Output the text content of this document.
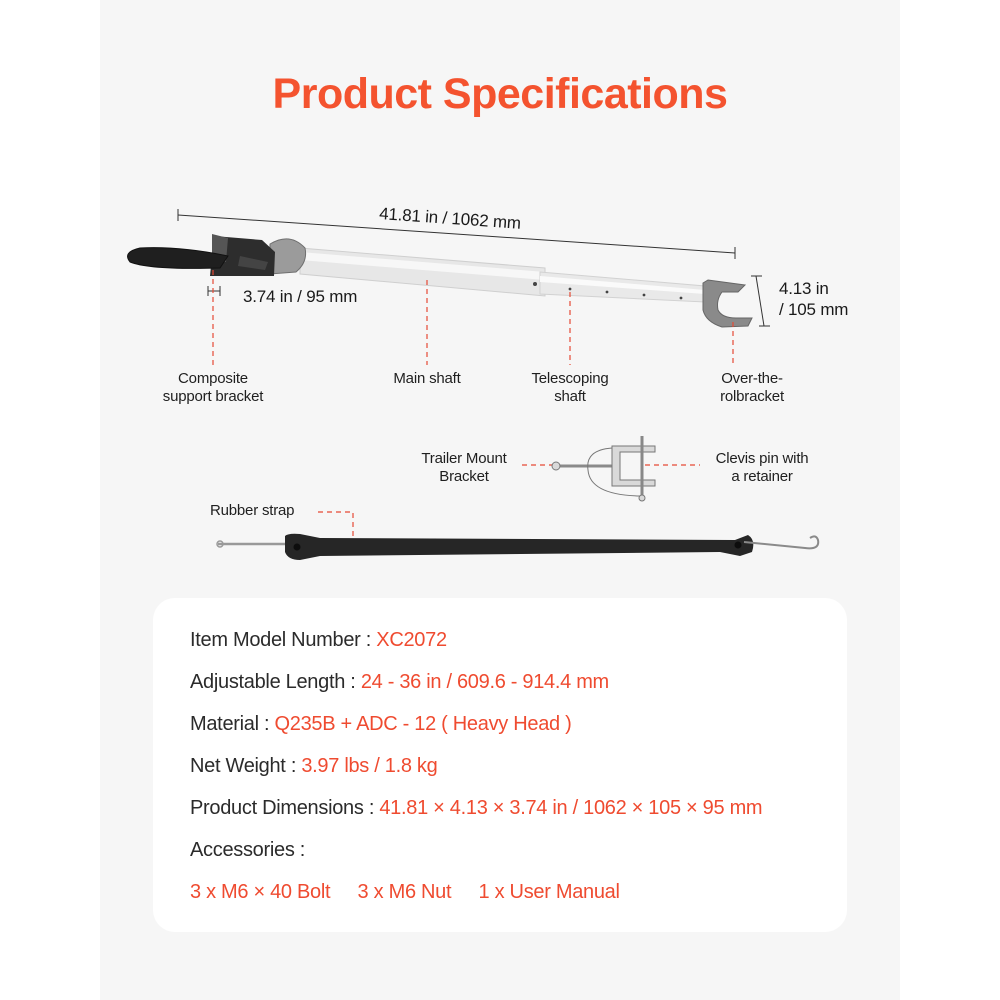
Product Specifications
41.81 in / 1062 mm
3.74 in / 95 mm	4.13 in
/ 105 mm
Composite
support bracket
Main shaft	Telescoping
shaft
Over-the-
rolbracket
Trailer Mount
Bracket
Clevis pin with
a retainer
Rubber strap
Item Model Number : XC2072
Adjustable Length : 24 - 36 in / 609.6 - 914.4 mm
Material : Q235B + ADC - 12 ( Heavy Head )
Net Weight : 3.97 lbs / 1.8 kg
Product Dimensions : 41.81 × 4.13 × 3.74 in / 1062 × 105 × 95 mm
Accessories :
3 x M6 × 40 Bolt 3 x M6 Nut 1 x User Manual
